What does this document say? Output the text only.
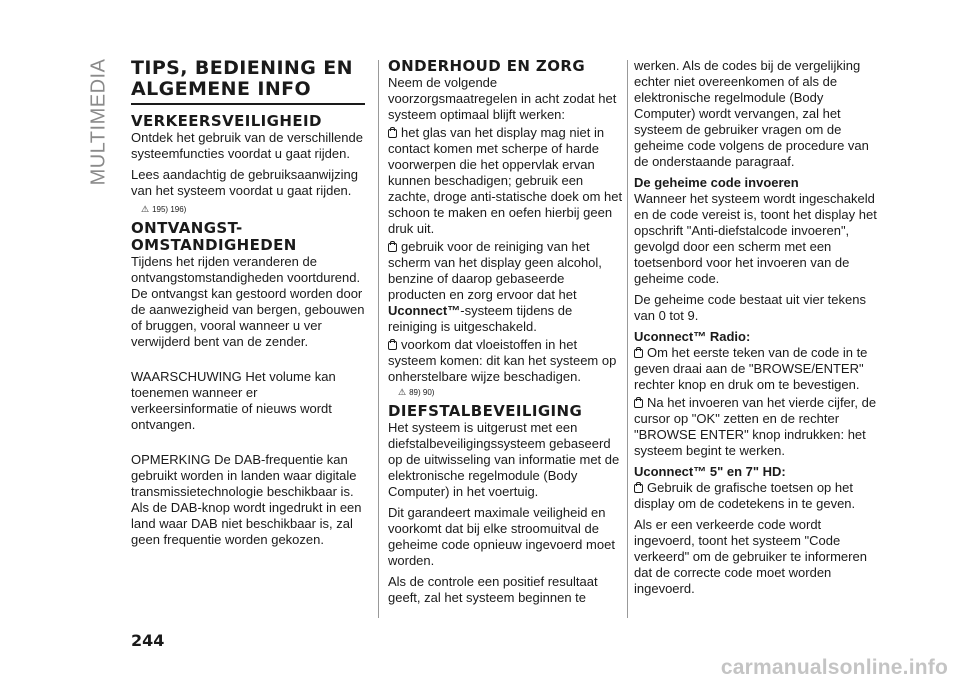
MULTIMEDIA TIPS, BEDIENING EN ALGEMENE INFO
VERKEERSVEILIGHEID

Ontdek het gebruik van de verschillende systeemfuncties voordat u gaat rijden.

Lees aandachtig de gebruiksaanwijzing van het systeem voordat u gaat rijden.

⚠ 195) 196)
ONTVANGST-OMSTANDIGHEDEN

Tijdens het rijden veranderen de ontvangstomstandigheden voortdurend. De ontvangst kan gestoord worden door de aanwezigheid van bergen, gebouwen of bruggen, vooral wanneer u ver verwijderd bent van de zender.

WAARSCHUWING Het volume kan toenemen wanneer er verkeersinformatie of nieuws wordt ontvangen.

OPMERKING De DAB-frequentie kan gebruikt worden in landen waar digitale transmissietechnologie beschikbaar is. Als de DAB-knop wordt ingedrukt in een land waar DAB niet beschikbaar is, zal geen frequentie worden gekozen.

ONDERHOUD EN ZORG

Neem de volgende voorzorgsmaatregelen in acht zodat het systeem optimaal blijft werken:

het glas van het display mag niet in contact komen met scherpe of harde voorwerpen die het oppervlak ervan kunnen beschadigen; gebruik een zachte, droge anti-statische doek om het schoon te maken en oefen hierbij geen druk uit.

gebruik voor de reiniging van het scherm van het display geen alcohol, benzine of daarop gebaseerde producten en zorg ervoor dat het Uconnect™-systeem tijdens de reiniging is uitgeschakeld.

voorkom dat vloeistoffen in het systeem komen: dit kan het systeem op onherstelbare wijze beschadigen.

⚠ 89) 90)
DIEFSTALBEVEILIGING

Het systeem is uitgerust met een diefstalbeveiligingssysteem gebaseerd op de uitwisseling van informatie met de elektronische regelmodule (Body Computer) in het voertuig.

Dit garandeert maximale veiligheid en voorkomt dat bij elke stroomuitval de geheime code opnieuw ingevoerd moet worden.

Als de controle een positief resultaat geeft, zal het systeem beginnen te

werken. Als de codes bij de vergelijking echter niet overeenkomen of als de elektronische regelmodule (Body Computer) wordt vervangen, zal het systeem de gebruiker vragen om de geheime code volgens de procedure van de onderstaande paragraaf.

De geheime code invoeren

Wanneer het systeem wordt ingeschakeld en de code vereist is, toont het display het opschrift "Anti-diefstalcode invoeren", gevolgd door een scherm met een toetsenbord voor het invoeren van de geheime code.

De geheime code bestaat uit vier tekens van 0 tot 9.

Uconnect™ Radio:

Om het eerste teken van de code in te geven draai aan de "BROWSE/ENTER" rechter knop en druk om te bevestigen.

Na het invoeren van het vierde cijfer, de cursor op "OK" zetten en de rechter "BROWSE ENTER" knop indrukken: het systeem begint te werken.

Uconnect™ 5" en 7" HD:

Gebruik de grafische toetsen op het display om de codetekens in te geven.

Als er een verkeerde code wordt ingevoerd, toont het systeem "Code verkeerd" om de gebruiker te informeren dat de correcte code moet worden ingevoerd.

244
carmanualsonline.info
